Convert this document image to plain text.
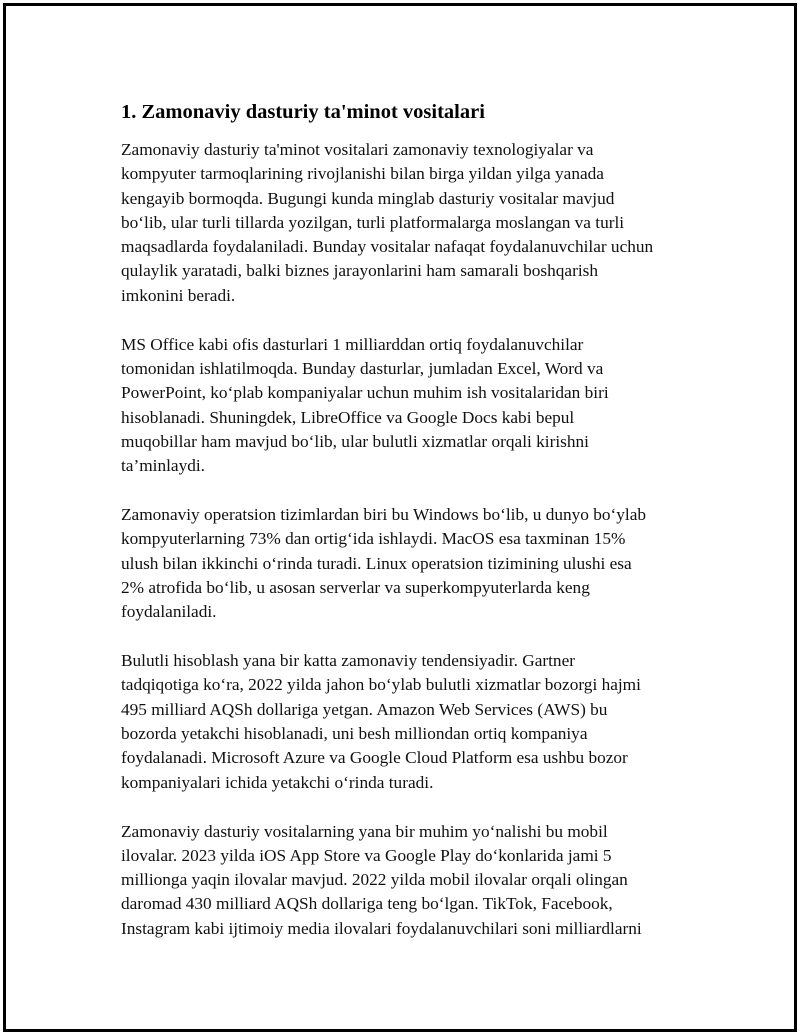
1. Zamonaviy dasturiy ta'minot vositalari
Zamonaviy dasturiy ta'minot vositalari zamonaviy texnologiyalar va
kompyuter tarmoqlarining rivojlanishi bilan birga yildan yilga yanada
kengayib bormoqda. Bugungi kunda minglab dasturiy vositalar mavjud
bo‘lib, ular turli tillarda yozilgan, turli platformalarga moslangan va turli
maqsadlarda foydalaniladi. Bunday vositalar nafaqat foydalanuvchilar uchun
qulaylik yaratadi, balki biznes jarayonlarini ham samarali boshqarish
imkonini beradi.
MS Office kabi ofis dasturlari 1 milliarddan ortiq foydalanuvchilar
tomonidan ishlatilmoqda. Bunday dasturlar, jumladan Excel, Word va
PowerPoint, ko‘plab kompaniyalar uchun muhim ish vositalaridan biri
hisoblanadi. Shuningdek, LibreOffice va Google Docs kabi bepul
muqobillar ham mavjud bo‘lib, ular bulutli xizmatlar orqali kirishni
ta’minlaydi.
Zamonaviy operatsion tizimlardan biri bu Windows bo‘lib, u dunyo bo‘ylab
kompyuterlarning 73% dan ortig‘ida ishlaydi. MacOS esa taxminan 15%
ulush bilan ikkinchi o‘rinda turadi. Linux operatsion tizimining ulushi esa
2% atrofida bo‘lib, u asosan serverlar va superkompyuterlarda keng
foydalaniladi.
Bulutli hisoblash yana bir katta zamonaviy tendensiyadir. Gartner
tadqiqotiga ko‘ra, 2022 yilda jahon bo‘ylab bulutli xizmatlar bozorgi hajmi
495 milliard AQSh dollariga yetgan. Amazon Web Services (AWS) bu
bozorda yetakchi hisoblanadi, uni besh milliondan ortiq kompaniya
foydalanadi. Microsoft Azure va Google Cloud Platform esa ushbu bozor
kompaniyalari ichida yetakchi o‘rinda turadi.
Zamonaviy dasturiy vositalarning yana bir muhim yo‘nalishi bu mobil
ilovalar. 2023 yilda iOS App Store va Google Play do‘konlarida jami 5
millionga yaqin ilovalar mavjud. 2022 yilda mobil ilovalar orqali olingan
daromad 430 milliard AQSh dollariga teng bo‘lgan. TikTok, Facebook,
Instagram kabi ijtimoiy media ilovalari foydalanuvchilari soni milliardlarni
